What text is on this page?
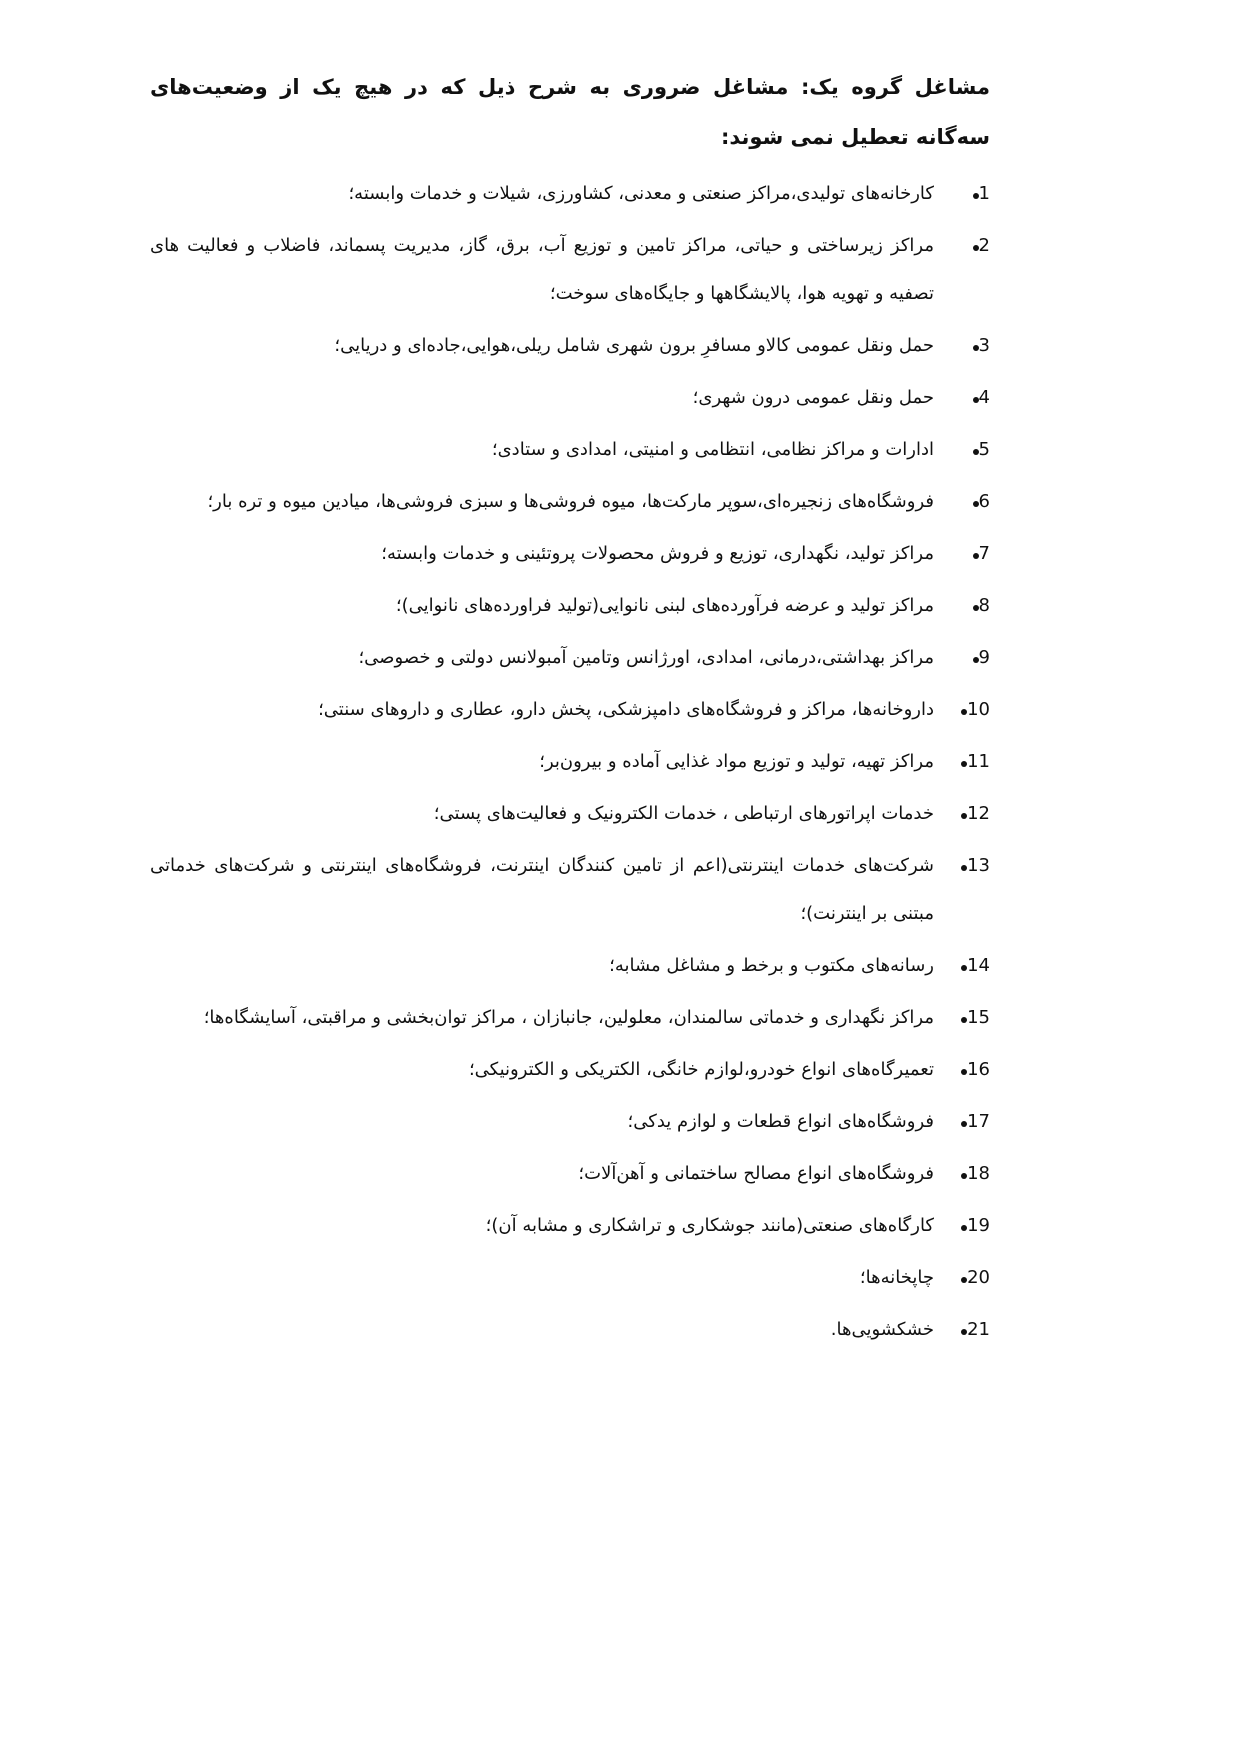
مشاغل گروه یک: مشاغل ضروری به شرح ذیل که در هیچ یک از وضعیت‌های سه‌گانه تعطیل نمی شوند:

1
کارخانه‌های تولیدی،مراکز صنعتی و معدنی، کشاورزی، شیلات و خدمات وابسته؛
2
مراکز زیرساختی و حیاتی، مراکز تامین و توزیع آب، برق، گاز، مدیریت پسماند، فاضلاب و فعالیت های تصفیه و تهویه هوا، پالایشگاهها و جایگاه‌های سوخت؛
3
حمل ونقل عمومی کالاو مسافرِ برون شهری شامل ریلی،هوایی،جاده‌ای و دریایی؛
4
حمل ونقل عمومی درون شهری؛
5
ادارات و مراکز نظامی، انتظامی و امنیتی، امدادی و ستادی؛
6
فروشگاه‌های زنجیره‌ای،سوپر مارکت‌ها، میوه فروشی‌ها و سبزی فروشی‌ها، میادین میوه و تره بار؛
7
مراکز تولید، نگهداری، توزیع و فروش محصولات پروتئینی و خدمات وابسته؛
8
مراکز تولید و عرضه فرآورده‌های لبنی نانوایی(تولید فراورده‌های نانوایی)؛
9
مراکز بهداشتی،درمانی، امدادی، اورژانس وتامین آمبولانس دولتی و خصوصی؛
10
داروخانه‌ها، مراکز و فروشگاه‌های دامپزشکی، پخش دارو، عطاری و داروهای سنتی؛
11
مراکز تهیه، تولید و توزیع مواد غذایی آماده و بیرون‌بر؛
12
خدمات اپراتورهای ارتباطی ، خدمات الکترونیک و فعالیت‌های پستی؛
13
شرکت‌های خدمات اینترنتی(اعم از تامین کنندگان اینترنت، فروشگاه‌های اینترنتی و شرکت‌های خدماتی مبتنی بر اینترنت)؛
14
رسانه‌های مکتوب و برخط و مشاغل مشابه؛
15
مراکز نگهداری و خدماتی سالمندان، معلولین، جانبازان ، مراکز توان‌بخشی و مراقبتی، آسایشگاه‌ها؛
16
تعمیرگاه‌های انواع خودرو،لوازم خانگی، الکتریکی و الکترونیکی؛
17
فروشگاه‌های انواع قطعات و لوازم یدکی؛
18
فروشگاه‌های انواع مصالح ساختمانی و آهن‌آلات؛
19
کارگاه‌های صنعتی(مانند جوشکاری و تراشکاری و مشابه آن)؛
20
چاپخانه‌ها؛
21
خشکشویی‌ها.
